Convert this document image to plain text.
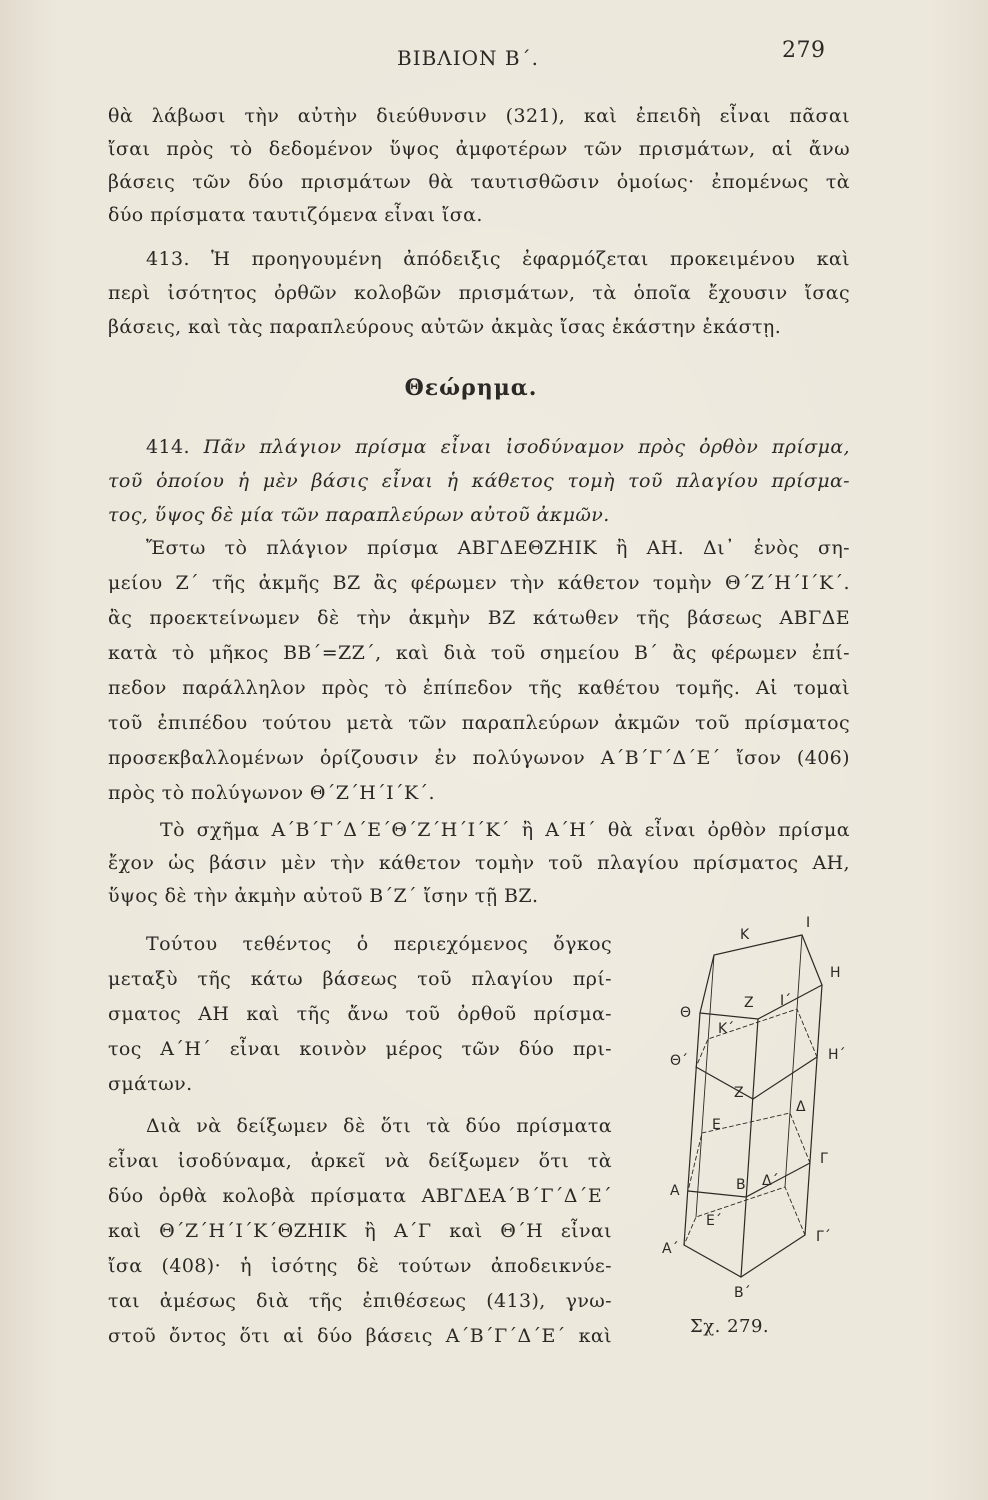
ΒΙΒΛΙΟΝ Β΄.	279
θὰ λάβωσι τὴν αὐτὴν διεύθυνσιν (321), καὶ ἐπειδὴ εἶναι πᾶσαι
ἴσαι πρὸς τὸ δεδομένον ὕψος ἀμφοτέρων τῶν πρισμάτων, αἱ ἄνω
βάσεις τῶν δύο πρισμάτων θὰ ταυτισθῶσιν ὁμοίως· ἐπομένως τὰ
δύο πρίσματα ταυτιζόμενα εἶναι ἴσα.
413. Ἡ προηγουμένη ἀπόδειξις ἐφαρμόζεται προκειμένου καὶ
περὶ ἰσότητος ὀρθῶν κολοβῶν πρισμάτων, τὰ ὁποῖα ἔχουσιν ἴσας
βάσεις, καὶ τὰς παραπλεύρους αὐτῶν ἀκμὰς ἴσας ἑκάστην ἑκάστῃ.
Θεώρημα.
414. Πᾶν πλάγιον πρίσμα εἶναι ἰσοδύναμον πρὸς ὀρθὸν πρίσμα,
τοῦ ὁποίου ἡ μὲν βάσις εἶναι ἡ κάθετος τομὴ τοῦ πλαγίου πρίσμα-
τος, ὕψος δὲ μία τῶν παραπλεύρων αὐτοῦ ἀκμῶν.
Ἔστω τὸ πλάγιον πρίσμα ΑΒΓΔΕΘΖΗΙΚ ἢ ΑΗ. Δι᾿ ἑνὸς ση-
μείου Ζ΄ τῆς ἀκμῆς ΒΖ ἂς φέρωμεν τὴν κάθετον τομὴν Θ΄Ζ΄Η΄Ι΄Κ΄.
ἂς προεκτείνωμεν δὲ τὴν ἀκμὴν ΒΖ κάτωθεν τῆς βάσεως ΑΒΓΔΕ
κατὰ τὸ μῆκος ΒΒ΄=ΖΖ΄, καὶ διὰ τοῦ σημείου Β΄ ἂς φέρωμεν ἐπί-
πεδον παράλληλον πρὸς τὸ ἐπίπεδον τῆς καθέτου τομῆς. Αἱ τομαὶ
τοῦ ἐπιπέδου τούτου μετὰ τῶν παραπλεύρων ἀκμῶν τοῦ πρίσματος
προσεκβαλλομένων ὁρίζουσιν ἐν πολύγωνον Α΄Β΄Γ΄Δ΄Ε΄ ἴσον (406)
πρὸς τὸ πολύγωνον Θ΄Ζ΄Η΄Ι΄Κ΄.
Τὸ σχῆμα Α΄Β΄Γ΄Δ΄Ε΄Θ΄Ζ΄Η΄Ι΄Κ΄ ἢ Α΄Η΄ θὰ εἶναι ὀρθὸν πρίσμα
ἔχον ὡς βάσιν μὲν τὴν κάθετον τομὴν τοῦ πλαγίου πρίσματος ΑΗ,
ὕψος δὲ τὴν ἀκμὴν αὐτοῦ Β΄Ζ΄ ἴσην τῇ ΒΖ.
Τούτου τεθέντος ὁ περιεχόμενος ὄγκος
μεταξὺ τῆς κάτω βάσεως τοῦ πλαγίου πρί-
σματος ΑΗ καὶ τῆς ἄνω τοῦ ὀρθοῦ πρίσμα-
τος Α΄Η΄ εἶναι κοινὸν μέρος τῶν δύο πρι-
σμάτων.
Διὰ νὰ δείξωμεν δὲ ὅτι τὰ δύο πρίσματα
εἶναι ἰσοδύναμα, ἀρκεῖ νὰ δείξωμεν ὅτι τὰ
δύο ὀρθὰ κολοβὰ πρίσματα ΑΒΓΔΕΑ΄Β΄Γ΄Δ΄Ε΄
καὶ Θ΄Ζ΄Η΄Ι΄Κ΄ΘΖΗΙΚ ἢ Α΄Γ καὶ Θ΄Η εἶναι
ἴσα (408)· ἡ ἰσότης δὲ τούτων ἀποδεικνύε-
ται ἀμέσως διὰ τῆς ἐπιθέσεως (413), γνω-
στοῦ ὄντος ὅτι αἱ δύο βάσεις Α΄Β΄Γ΄Δ΄Ε΄ καὶ
Κ
Ι
Η
Θ
Ζ
Κ΄
Ι΄
Θ΄	Η΄
Ζ
Δ
Ε
Γ
Α	Β Δ΄
Ε΄
Α΄
Γ΄
Β΄
Σχ. 279.
